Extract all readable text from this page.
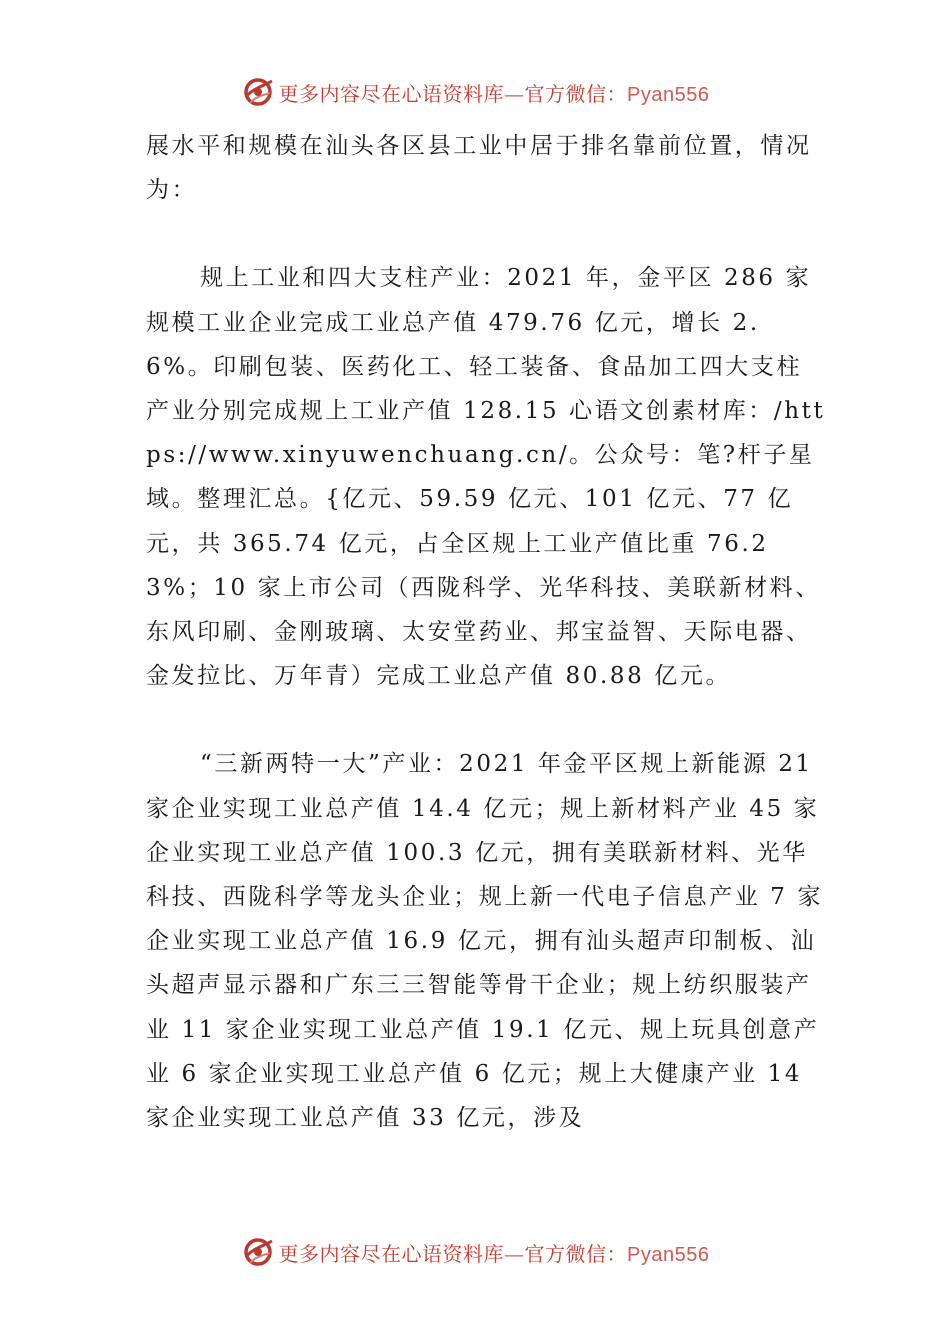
更多内容尽在心语资料库—官方微信：Pyan556

展水平和规模在汕头各区县工业中居于排名靠前位置，情况为：

规上工业和四大支柱产业：2021 年，金平区 286 家规模工业企业完成工业总产值 479.76 亿元，增长 2.6%。印刷包装、医药化工、轻工装备、食品加工四大支柱产业分别完成规上工业产值 128.15 心语文创素材库：/https://www.xinyuwenchuang.cn/。公众号：笔?杆子星域。整理汇总。{亿元、59.59 亿元、101 亿元、77 亿元，共 365.74 亿元，占全区规上工业产值比重 76.23%；10 家上市公司（西陇科学、光华科技、美联新材料、东风印刷、金刚玻璃、太安堂药业、邦宝益智、天际电器、金发拉比、万年青）完成工业总产值 80.88 亿元。

“三新两特一大”产业：2021 年金平区规上新能源 21 家企业实现工业总产值 14.4 亿元；规上新材料产业 45 家企业实现工业总产值 100.3 亿元，拥有美联新材料、光华科技、西陇科学等龙头企业；规上新一代电子信息产业 7 家企业实现工业总产值 16.9 亿元，拥有汕头超声印制板、汕头超声显示器和广东三三智能等骨干企业；规上纺织服装产业 11 家企业实现工业总产值 19.1 亿元、规上玩具创意产业 6 家企业实现工业总产值 6 亿元；规上大健康产业 14 家企业实现工业总产值 33 亿元，涉及

更多内容尽在心语资料库—官方微信：Pyan556
